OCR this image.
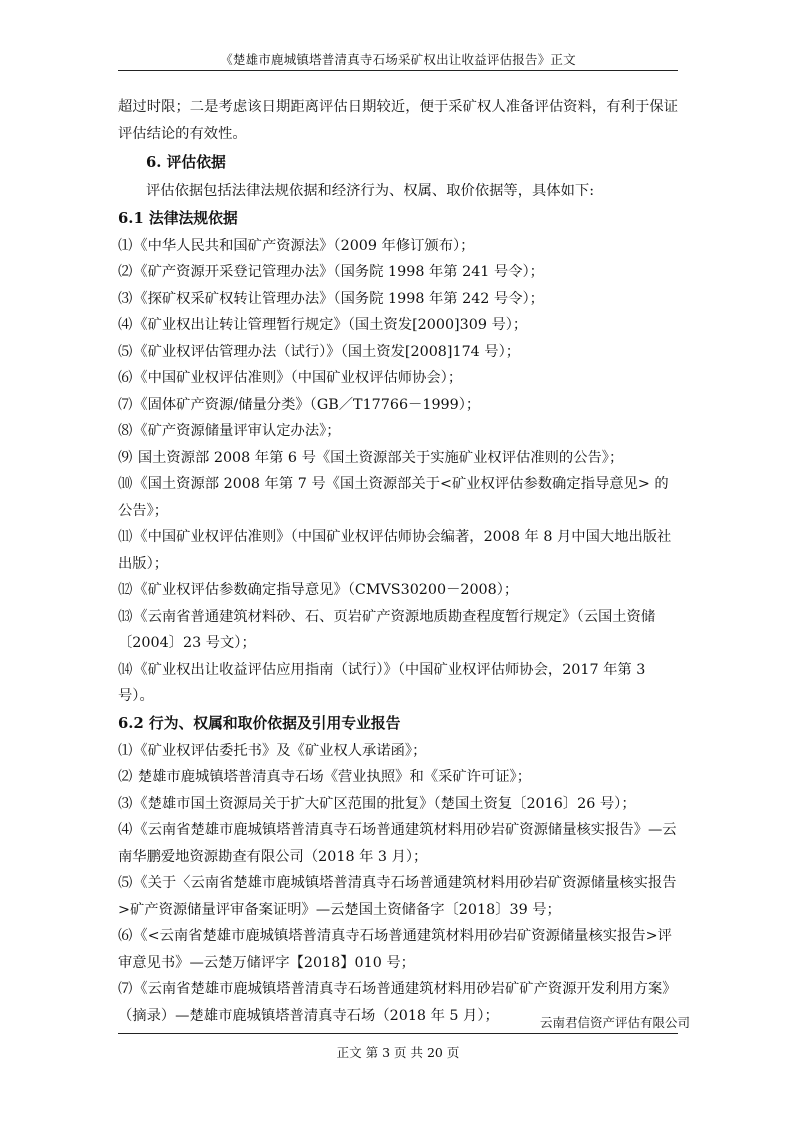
《楚雄市鹿城镇塔普清真寺石场采矿权出让收益评估报告》正文

超过时限；二是考虑该日期距离评估日期较近，便于采矿权人准备评估资料，有利于保证评估结论的有效性。

6. 评估依据

评估依据包括法律法规依据和经济行为、权属、取价依据等，具体如下:

6.1 法律法规依据

⑴《中华人民共和国矿产资源法》（2009 年修订颁布）；

⑵《矿产资源开采登记管理办法》（国务院 1998 年第 241 号令）；

⑶《探矿权采矿权转让管理办法》（国务院 1998 年第 242 号令）；

⑷《矿业权出让转让管理暂行规定》（国土资发[2000]309 号）；

⑸《矿业权评估管理办法（试行）》（国土资发[2008]174 号）；

⑹《中国矿业权评估准则》（中国矿业权评估师协会）；

⑺《固体矿产资源/储量分类》（GB／T17766－1999）；

⑻《矿产资源储量评审认定办法》；

⑼ 国土资源部 2008 年第 6 号《国土资源部关于实施矿业权评估准则的公告》；

⑽《国土资源部 2008 年第 7 号《国土资源部关于<矿业权评估参数确定指导意见> 的公告》；

⑾《中国矿业权评估准则》（中国矿业权评估师协会编著，2008 年 8 月中国大地出版社出版）；

⑿《矿业权评估参数确定指导意见》（CMVS30200－2008）；

⒀《云南省普通建筑材料砂、石、页岩矿产资源地质勘查程度暂行规定》（云国土资储〔2004〕23 号文）；

⒁《矿业权出让收益评估应用指南（试行）》（中国矿业权评估师协会，2017 年第 3 号）。

6.2 行为、权属和取价依据及引用专业报告

⑴《矿业权评估委托书》及《矿业权人承诺函》；

⑵ 楚雄市鹿城镇塔普清真寺石场《营业执照》和《采矿许可证》；

⑶《楚雄市国土资源局关于扩大矿区范围的批复》（楚国土资复〔2016〕26 号）；

⑷《云南省楚雄市鹿城镇塔普清真寺石场普通建筑材料用砂岩矿资源储量核实报告》—云南华鹏爱地资源勘查有限公司（2018 年 3 月）；

⑸《关于〈云南省楚雄市鹿城镇塔普清真寺石场普通建筑材料用砂岩矿资源储量核实报告>矿产资源储量评审备案证明》—云楚国土资储备字〔2018〕39 号；

⑹《<云南省楚雄市鹿城镇塔普清真寺石场普通建筑材料用砂岩矿资源储量核实报告>评审意见书》—云楚万储评字【2018】010 号；

⑺《云南省楚雄市鹿城镇塔普清真寺石场普通建筑材料用砂岩矿矿产资源开发利用方案》（摘录）—楚雄市鹿城镇塔普清真寺石场（2018 年 5 月）；	云南君信资产评估有限公司
正文 第 3 页 共 20 页
